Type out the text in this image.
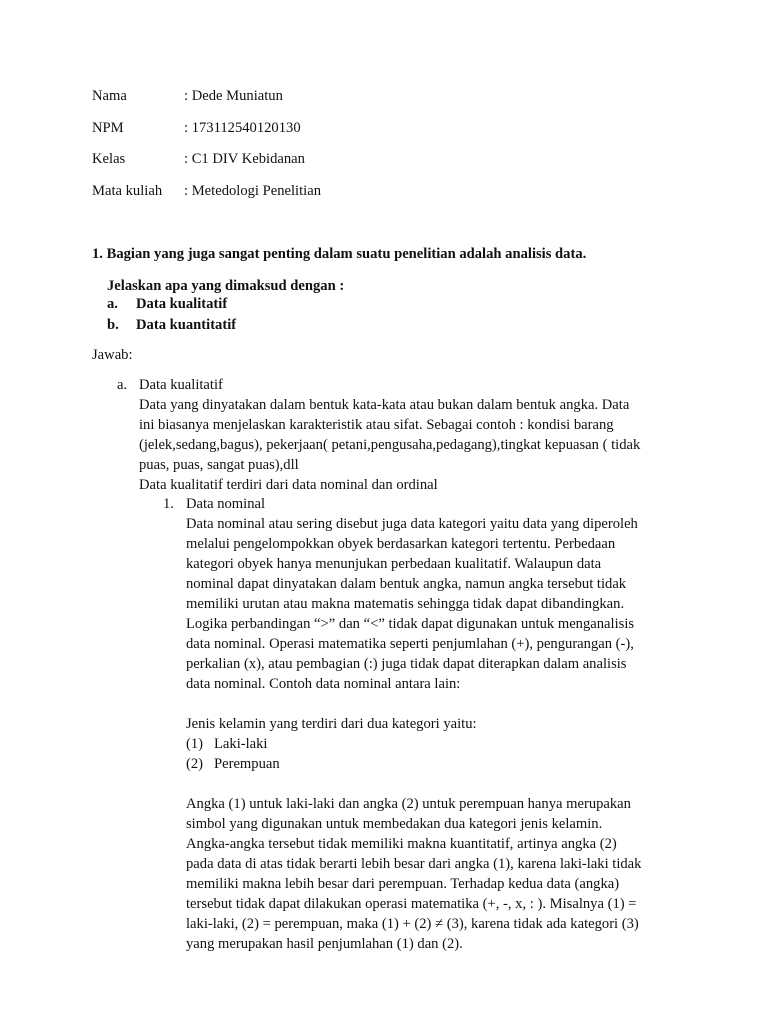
Nama	: Dede Muniatun
NPM	: 173112540120130
Kelas	: C1 DIV Kebidanan
Mata kuliah : Metedologi Penelitian
1. Bagian yang juga sangat penting dalam suatu penelitian adalah analisis data.
Jelaskan apa yang dimaksud dengan :
a. Data kualitatif
b. Data kuantitatif
Jawab:
a. Data kualitatif
Data yang dinyatakan dalam bentuk kata-kata atau bukan dalam bentuk angka. Data
ini biasanya menjelaskan karakteristik atau sifat. Sebagai contoh : kondisi barang
(jelek,sedang,bagus), pekerjaan( petani,pengusaha,pedagang),tingkat kepuasan ( tidak
puas, puas, sangat puas),dll
Data kualitatif terdiri dari data nominal dan ordinal
1. Data nominal
Data nominal atau sering disebut juga data kategori yaitu data yang diperoleh
melalui pengelompokkan obyek berdasarkan kategori tertentu. Perbedaan
kategori obyek hanya menunjukan perbedaan kualitatif. Walaupun data
nominal dapat dinyatakan dalam bentuk angka, namun angka tersebut tidak
memiliki urutan atau makna matematis sehingga tidak dapat dibandingkan.
Logika perbandingan “>” dan “<” tidak dapat digunakan untuk menganalisis
data nominal. Operasi matematika seperti penjumlahan (+), pengurangan (-),
perkalian (x), atau pembagian (:) juga tidak dapat diterapkan dalam analisis
data nominal. Contoh data nominal antara lain:
Jenis kelamin yang terdiri dari dua kategori yaitu:
(1) Laki-laki
(2) Perempuan
Angka (1) untuk laki-laki dan angka (2) untuk perempuan hanya merupakan
simbol yang digunakan untuk membedakan dua kategori jenis kelamin.
Angka-angka tersebut tidak memiliki makna kuantitatif, artinya angka (2)
pada data di atas tidak berarti lebih besar dari angka (1), karena laki-laki tidak
memiliki makna lebih besar dari perempuan. Terhadap kedua data (angka)
tersebut tidak dapat dilakukan operasi matematika (+, -, x, : ). Misalnya (1) =
laki-laki, (2) = perempuan, maka (1) + (2) ≠ (3), karena tidak ada kategori (3)
yang merupakan hasil penjumlahan (1) dan (2).
